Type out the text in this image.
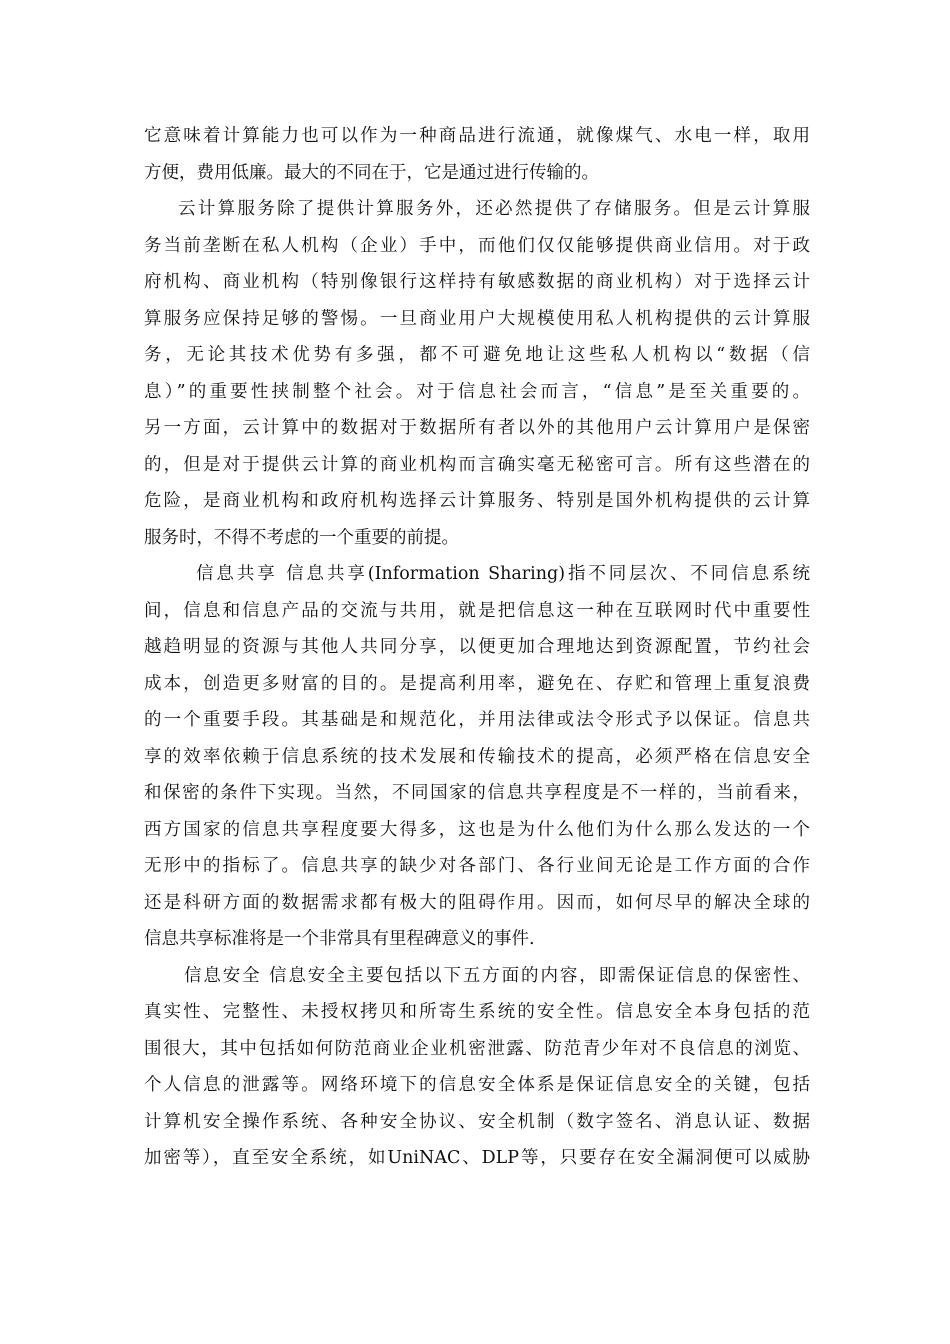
它意味着计算能力也可以作为一种商品进行流通，就像煤气、水电一样，取用
方便，费用低廉。最大的不同在于，它是通过进行传输的。
云计算服务除了提供计算服务外，还必然提供了存储服务。但是云计算服
务当前垄断在私人机构（企业）手中，而他们仅仅能够提供商业信用。对于政
府机构、商业机构（特别像银行这样持有敏感数据的商业机构）对于选择云计
算服务应保持足够的警惕。一旦商业用户大规模使用私人机构提供的云计算服
务，无论其技术优势有多强，都不可避免地让这些私人机构以“数据（信
息）”的重要性挟制整个社会。对于信息社会而言，“信息”是至关重要的。
另一方面，云计算中的数据对于数据所有者以外的其他用户云计算用户是保密
的，但是对于提供云计算的商业机构而言确实毫无秘密可言。所有这些潜在的
危险，是商业机构和政府机构选择云计算服务、特别是国外机构提供的云计算
服务时，不得不考虑的一个重要的前提。
信息共享 信息共享(Information Sharing)指不同层次、不同信息系统
间，信息和信息产品的交流与共用，就是把信息这一种在互联网时代中重要性
越趋明显的资源与其他人共同分享，以便更加合理地达到资源配置，节约社会
成本，创造更多财富的目的。是提高利用率，避免在、存贮和管理上重复浪费
的一个重要手段。其基础是和规范化，并用法律或法令形式予以保证。信息共
享的效率依赖于信息系统的技术发展和传输技术的提高，必须严格在信息安全
和保密的条件下实现。当然，不同国家的信息共享程度是不一样的，当前看来，
西方国家的信息共享程度要大得多，这也是为什么他们为什么那么发达的一个
无形中的指标了。信息共享的缺少对各部门、各行业间无论是工作方面的合作
还是科研方面的数据需求都有极大的阻碍作用。因而，如何尽早的解决全球的
信息共享标准将是一个非常具有里程碑意义的事件.
信息安全 信息安全主要包括以下五方面的内容，即需保证信息的保密性、
真实性、完整性、未授权拷贝和所寄生系统的安全性。信息安全本身包括的范
围很大，其中包括如何防范商业企业机密泄露、防范青少年对不良信息的浏览、
个人信息的泄露等。网络环境下的信息安全体系是保证信息安全的关键，包括
计算机安全操作系统、各种安全协议、安全机制（数字签名、消息认证、数据
加密等），直至安全系统，如UniNAC、DLP等，只要存在安全漏洞便可以威胁
